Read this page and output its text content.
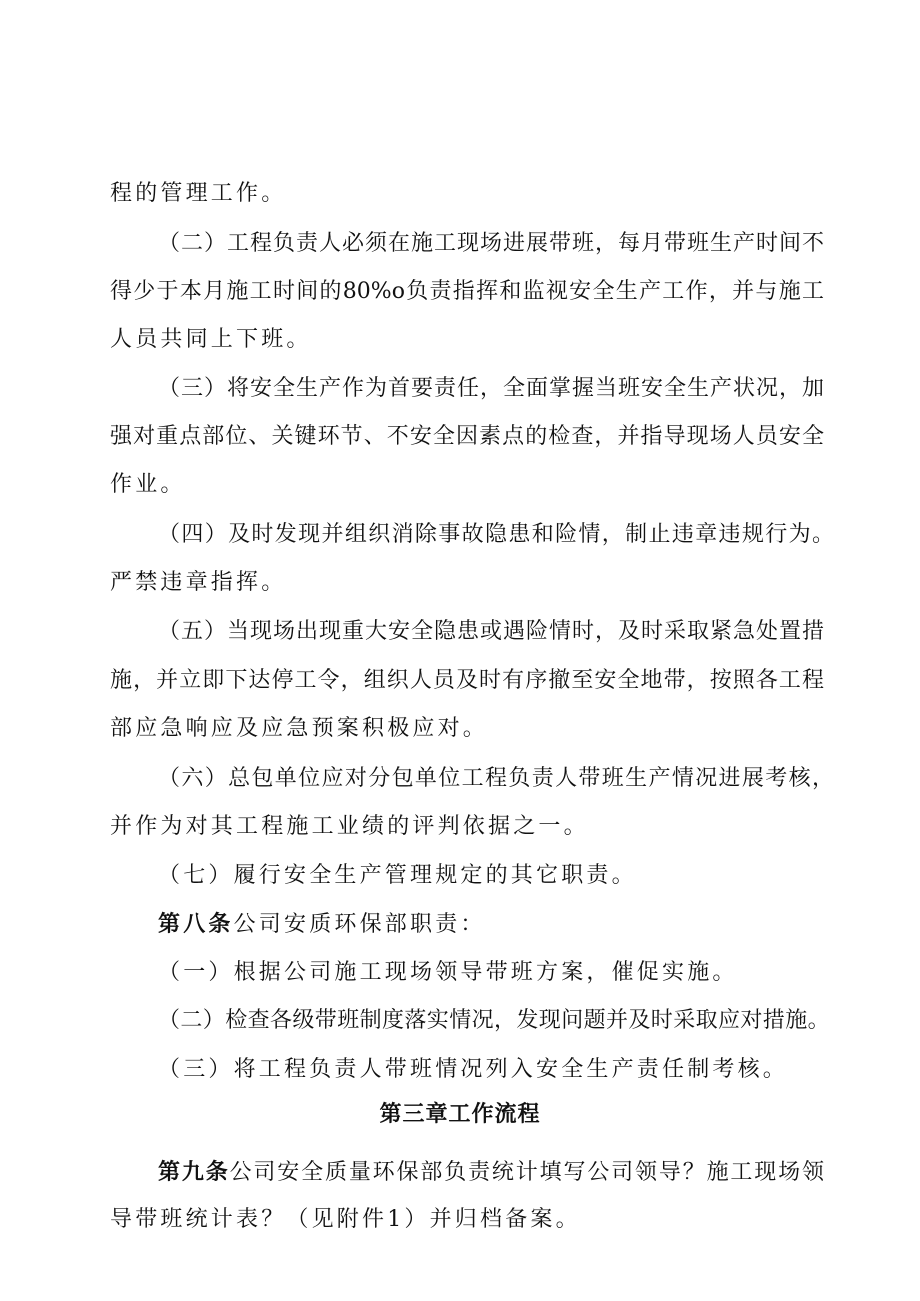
程的管理工作。
（二）工程负责人必须在施工现场进展带班，每月带班生产时间不
得少于本月施工时间的80%o负责指挥和监视安全生产工作，并与施工
人员共同上下班。
（三）将安全生产作为首要责任，全面掌握当班安全生产状况，加
强对重点部位、关键环节、不安全因素点的检查，并指导现场人员安全
作业。
（四）及时发现并组织消除事故隐患和险情，制止违章违规行为。
严禁违章指挥。
（五）当现场出现重大安全隐患或遇险情时，及时采取紧急处置措
施，并立即下达停工令，组织人员及时有序撤至安全地带，按照各工程
部应急响应及应急预案积极应对。
（六）总包单位应对分包单位工程负责人带班生产情况进展考核，
并作为对其工程施工业绩的评判依据之一。
（七）履行安全生产管理规定的其它职责。
第八条公司安质环保部职责：
（一）根据公司施工现场领导带班方案，催促实施。
（二）检查各级带班制度落实情况，发现问题并及时采取应对措施。
（三）将工程负责人带班情况列入安全生产责任制考核。
第三章工作流程
第九条公司安全质量环保部负责统计填写公司领导？施工现场领
导带班统计表？（见附件1）并归档备案。
